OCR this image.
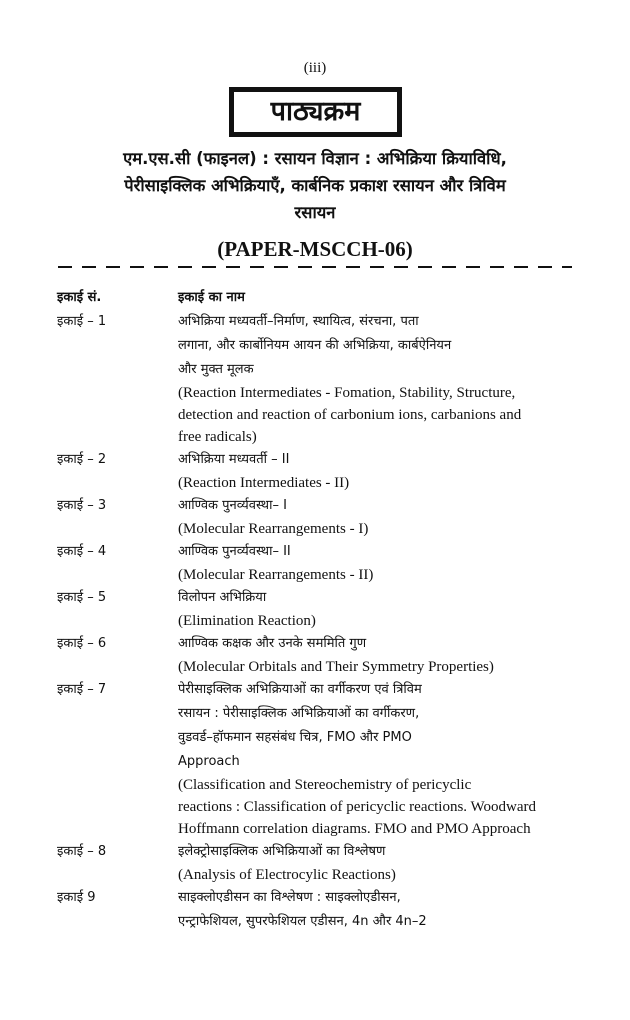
(iii)
पाठ्यक्रम
एम.एस.सी (फाइनल) : रसायन विज्ञान : अभिक्रिया क्रियाविधि,
पेरीसाइक्लिक अभिक्रियाएँ, कार्बनिक प्रकाश रसायन और त्रिविम
रसायन
(PAPER-MSCCH-06)
इकाई सं.	इकाई का नाम
इकाई – 1	अभिक्रिया मध्यवर्ती–निर्माण, स्थायित्व, संरचना, पता
लगाना, और कार्बोनियम आयन की अभिक्रिया, कार्बऐनियन
और मुक्त मूलक
(Reaction Intermediates - Fomation, Stability, Structure,
detection and reaction of carbonium ions, carbanions and
free radicals)
इकाई – 2	अभिक्रिया मध्यवर्ती – II
(Reaction Intermediates - II)
इकाई – 3	आण्विक पुनर्व्यवस्था– I
(Molecular Rearrangements - I)
इकाई – 4	आण्विक पुनर्व्यवस्था– II
(Molecular Rearrangements - II)
इकाई – 5	विलोपन अभिक्रिया
(Elimination Reaction)
इकाई – 6	आण्विक कक्षक और उनके सममिति गुण
(Molecular Orbitals and Their Symmetry Properties)
इकाई – 7	पेरीसाइक्लिक अभिक्रियाओं का वर्गीकरण एवं त्रिविम
रसायन : पेरीसाइक्लिक अभिक्रियाओं का वर्गीकरण,
वुडवर्ड–हॉफमान सहसंबंध चित्र, FMO और PMO
Approach
(Classification and Stereochemistry of pericyclic
reactions : Classification of pericyclic reactions. Woodward
Hoffmann correlation diagrams. FMO and PMO Approach
इकाई – 8	इलेक्ट्रोसाइक्लिक अभिक्रियाओं का विश्लेषण
(Analysis of Electrocylic Reactions)
इकाई 9	साइक्लोएडीसन का विश्लेषण : साइक्लोएडीसन,
एन्ट्राफेशियल, सुपरफेशियल एडीसन, 4n और 4n–2
